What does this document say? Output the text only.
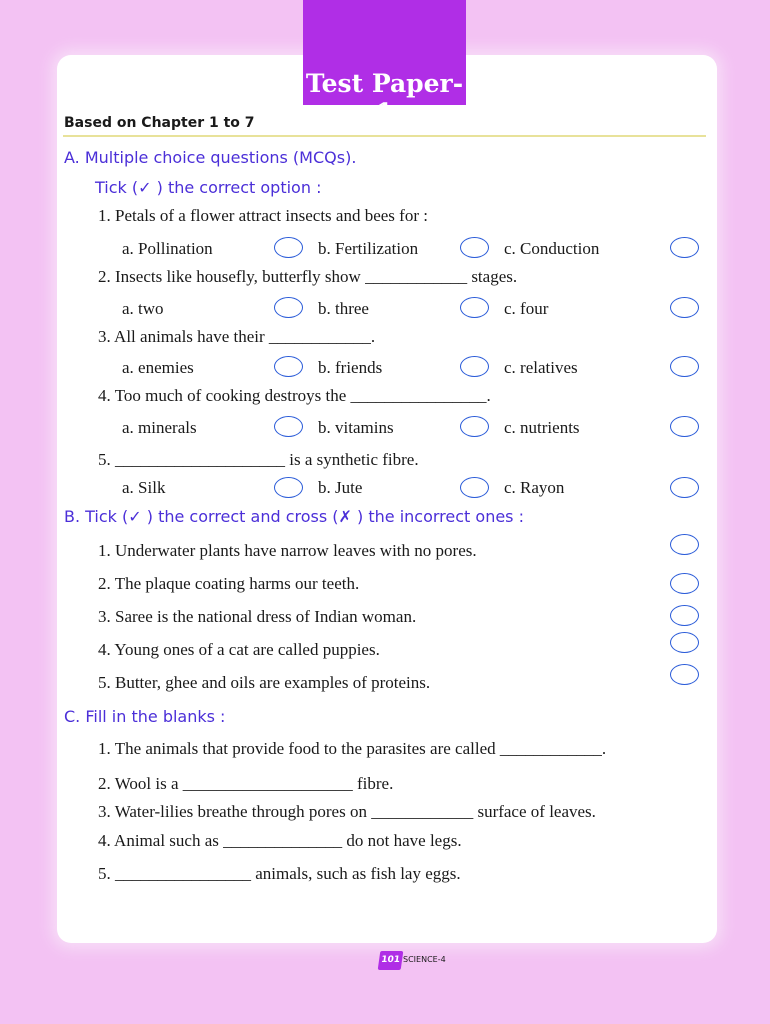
Test Paper-1
Based on Chapter 1 to 7
A. Multiple choice questions (MCQs).
Tick (✓ ) the correct option :
1. Petals of a flower attract insects and bees for :
a. Pollination	b. Fertilization	c. Conduction
2. Insects like housefly, butterfly show ____________ stages.
a. two	b. three	c. four
3. All animals have their ____________.
a. enemies	b. friends	c. relatives
4. Too much of cooking destroys the ________________.
a. minerals	b. vitamins	c. nutrients
5. ____________________ is a synthetic fibre.
a. Silk	b. Jute	c. Rayon
B. Tick (✓ ) the correct and cross (✗ ) the incorrect ones :
1. Underwater plants have narrow leaves with no pores.
2. The plaque coating harms our teeth.
3. Saree is the national dress of Indian woman.
4. Young ones of a cat are called puppies.
5. Butter, ghee and oils are examples of proteins.
C. Fill in the blanks :
1. The animals that provide food to the parasites are called ____________.
2. Wool is a ____________________ fibre.
3. Water-lilies breathe through pores on ____________ surface of leaves.
4. Animal such as ______________ do not have legs.
5. ________________ animals, such as fish lay eggs.
101 SCIENCE-4
